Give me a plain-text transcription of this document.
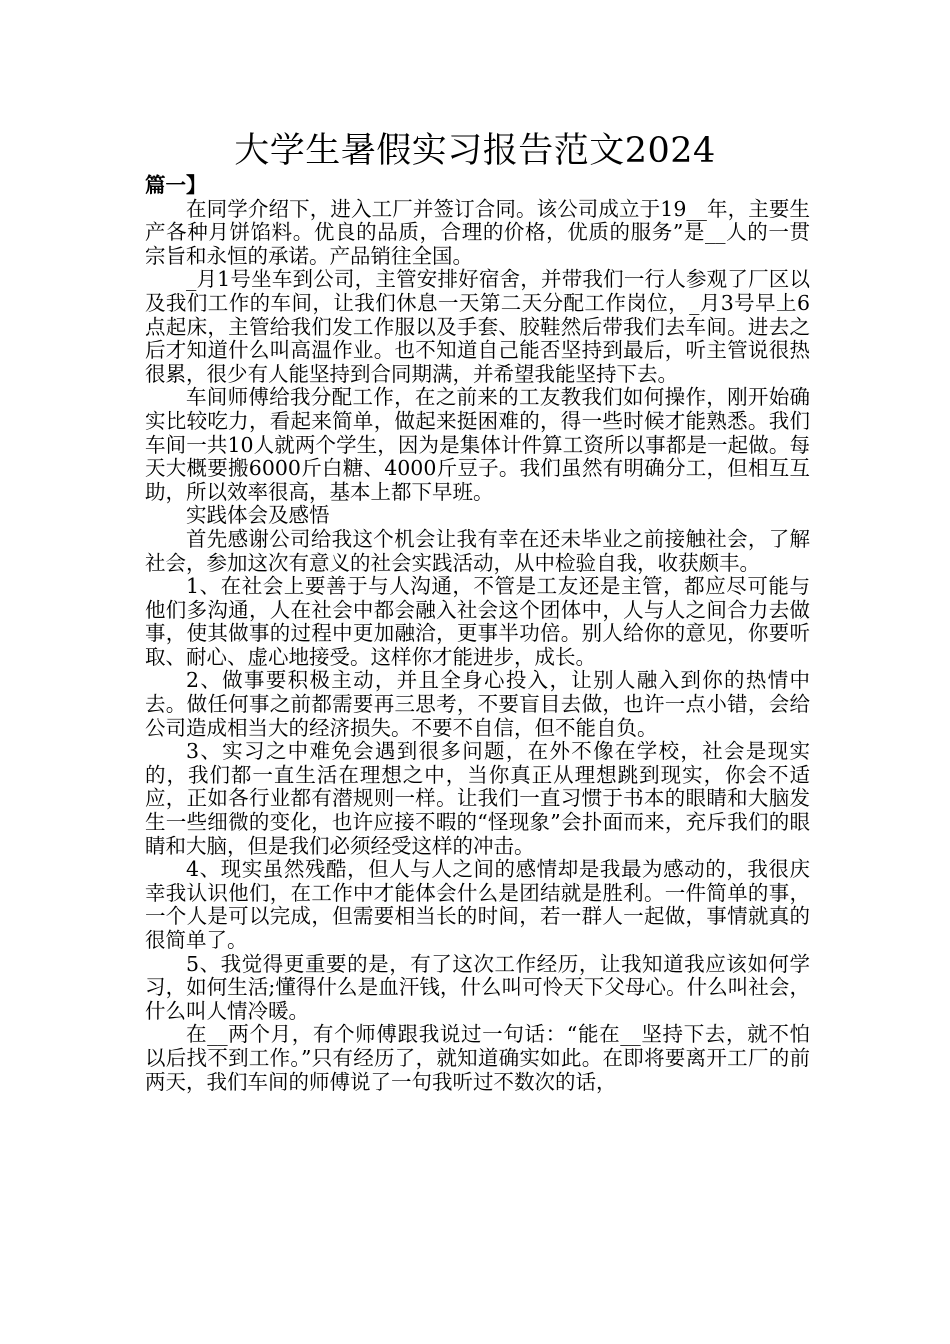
大学生暑假实习报告范文2024

篇一】

在同学介绍下，进入工厂并签订合同。该公司成立于19__年，主要生产各种月饼馅料。优良的品质，合理的价格，优质的服务”是__人的一贯宗旨和永恒的承诺。产品销往全国。

_月1号坐车到公司，主管安排好宿舍，并带我们一行人参观了厂区以及我们工作的车间，让我们休息一天第二天分配工作岗位，_月3号早上6点起床，主管给我们发工作服以及手套、胶鞋然后带我们去车间。进去之后才知道什么叫高温作业。也不知道自己能否坚持到最后，听主管说很热很累，很少有人能坚持到合同期满，并希望我能坚持下去。

车间师傅给我分配工作，在之前来的工友教我们如何操作，刚开始确实比较吃力，看起来简单，做起来挺困难的，得一些时候才能熟悉。我们车间一共10人就两个学生，因为是集体计件算工资所以事都是一起做。每天大概要搬6000斤白糖、4000斤豆子。我们虽然有明确分工，但相互互助，所以效率很高，基本上都下早班。

实践体会及感悟

首先感谢公司给我这个机会让我有幸在还未毕业之前接触社会，了解社会，参加这次有意义的社会实践活动，从中检验自我，收获颇丰。

1、在社会上要善于与人沟通，不管是工友还是主管，都应尽可能与他们多沟通，人在社会中都会融入社会这个团体中，人与人之间合力去做事，使其做事的过程中更加融洽，更事半功倍。别人给你的意见，你要听取、耐心、虚心地接受。这样你才能进步，成长。

2、做事要积极主动，并且全身心投入，让别人融入到你的热情中去。做任何事之前都需要再三思考，不要盲目去做，也许一点小错，会给公司造成相当大的经济损失。不要不自信，但不能自负。

3、实习之中难免会遇到很多问题，在外不像在学校，社会是现实的，我们都一直生活在理想之中，当你真正从理想跳到现实，你会不适应，正如各行业都有潜规则一样。让我们一直习惯于书本的眼睛和大脑发生一些细微的变化，也许应接不暇的“怪现象”会扑面而来，充斥我们的眼睛和大脑，但是我们必须经受这样的冲击。

4、现实虽然残酷，但人与人之间的感情却是我最为感动的，我很庆幸我认识他们，在工作中才能体会什么是团结就是胜利。一件简单的事，一个人是可以完成，但需要相当长的时间，若一群人一起做，事情就真的很简单了。

5、我觉得更重要的是，有了这次工作经历，让我知道我应该如何学习，如何生活;懂得什么是血汗钱，什么叫可怜天下父母心。什么叫社会，什么叫人情冷暖。

在__两个月，有个师傅跟我说过一句话：“能在__坚持下去，就不怕以后找不到工作。”只有经历了，就知道确实如此。在即将要离开工厂的前两天，我们车间的师傅说了一句我听过不数次的话，
